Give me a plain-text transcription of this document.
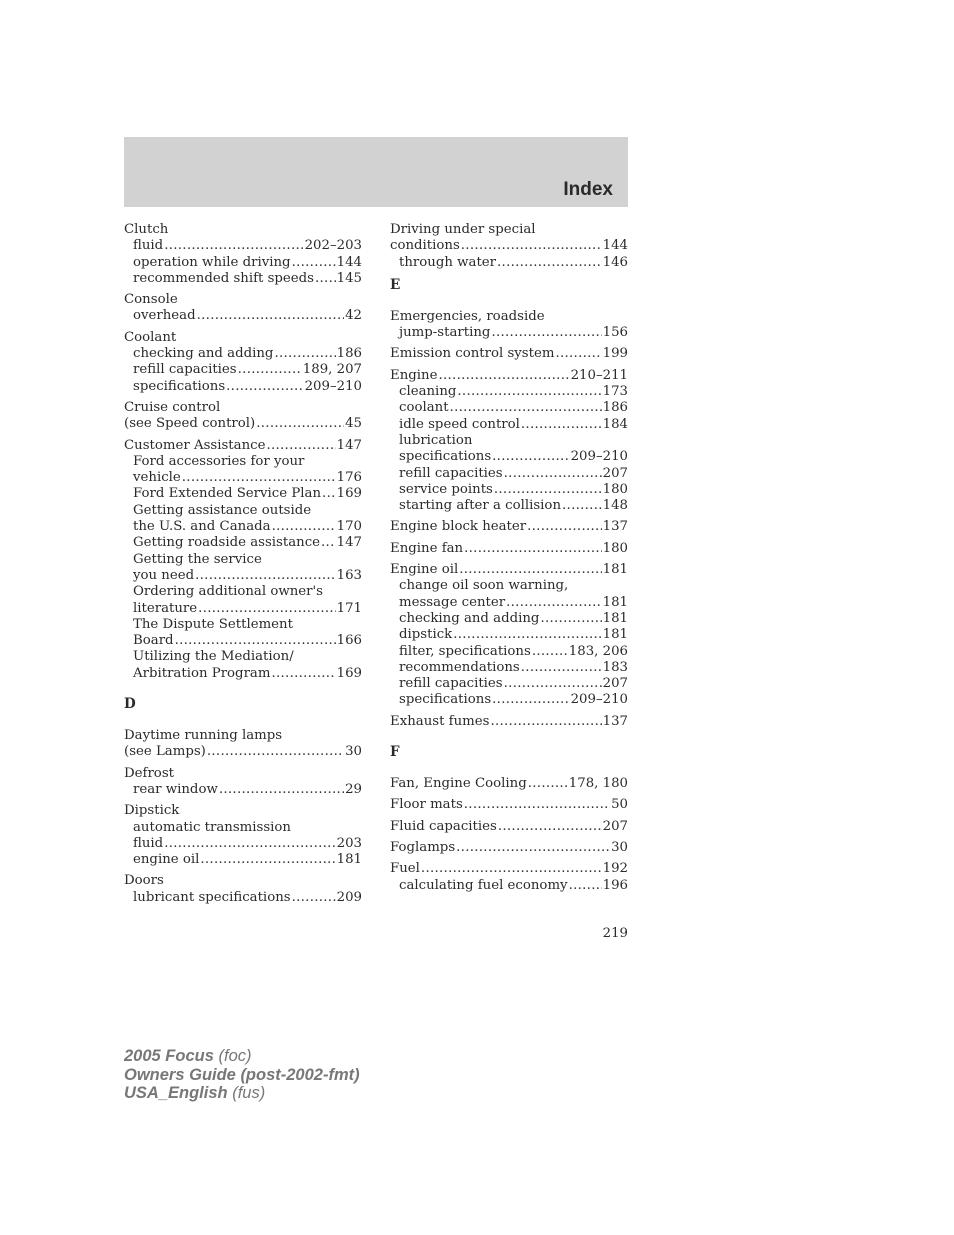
Index
Clutch
fluid .....	202–203
operation while driving .....	144
recommended shift speeds ..... 145
Console
overhead .....	42
Coolant
checking and adding .....	186
refill capacities .....	189, 207
specifications .....	209–210
Cruise control
(see Speed control) .....	45
Customer Assistance .....	147
Ford accessories for your
vehicle .....	176
Ford Extended Service Plan ..... 169
Getting assistance outside
the U.S. and Canada .....	170
Getting roadside assistance ..... 147
Getting the service
you need .....	163
Ordering additional owner's
literature .....	171
The Dispute Settlement
Board .....	166
Utilizing the Mediation/
Arbitration Program .....	169
D
Daytime running lamps
(see Lamps) .....	30
Defrost
rear window .....	29
Dipstick
automatic transmission
fluid .....	203
engine oil .....	181
Doors
lubricant specifications .....	209
Driving under special
conditions .....	144
through water .....	146
E
Emergencies, roadside
jump-starting .....	156
Emission control system .....	199
Engine .....	210–211
cleaning .....	173
coolant .....	186
idle speed control .....	184
lubrication
specifications .....	209–210
refill capacities .....	207
service points .....	180
starting after a collision .....	148
Engine block heater .....	137
Engine fan .....	180
Engine oil .....	181
change oil soon warning,
message center .....	181
checking and adding .....	181
dipstick .....	181
filter, specifications .....	183, 206
recommendations .....	183
refill capacities .....	207
specifications .....	209–210
Exhaust fumes .....	137
F
Fan, Engine Cooling .....	178, 180
Floor mats .....	50
Fluid capacities .....	207
Foglamps .....	30
Fuel .....	192
calculating fuel economy .....	196
219
2005 Focus (foc)
Owners Guide (post-2002-fmt)
USA_English (fus)
